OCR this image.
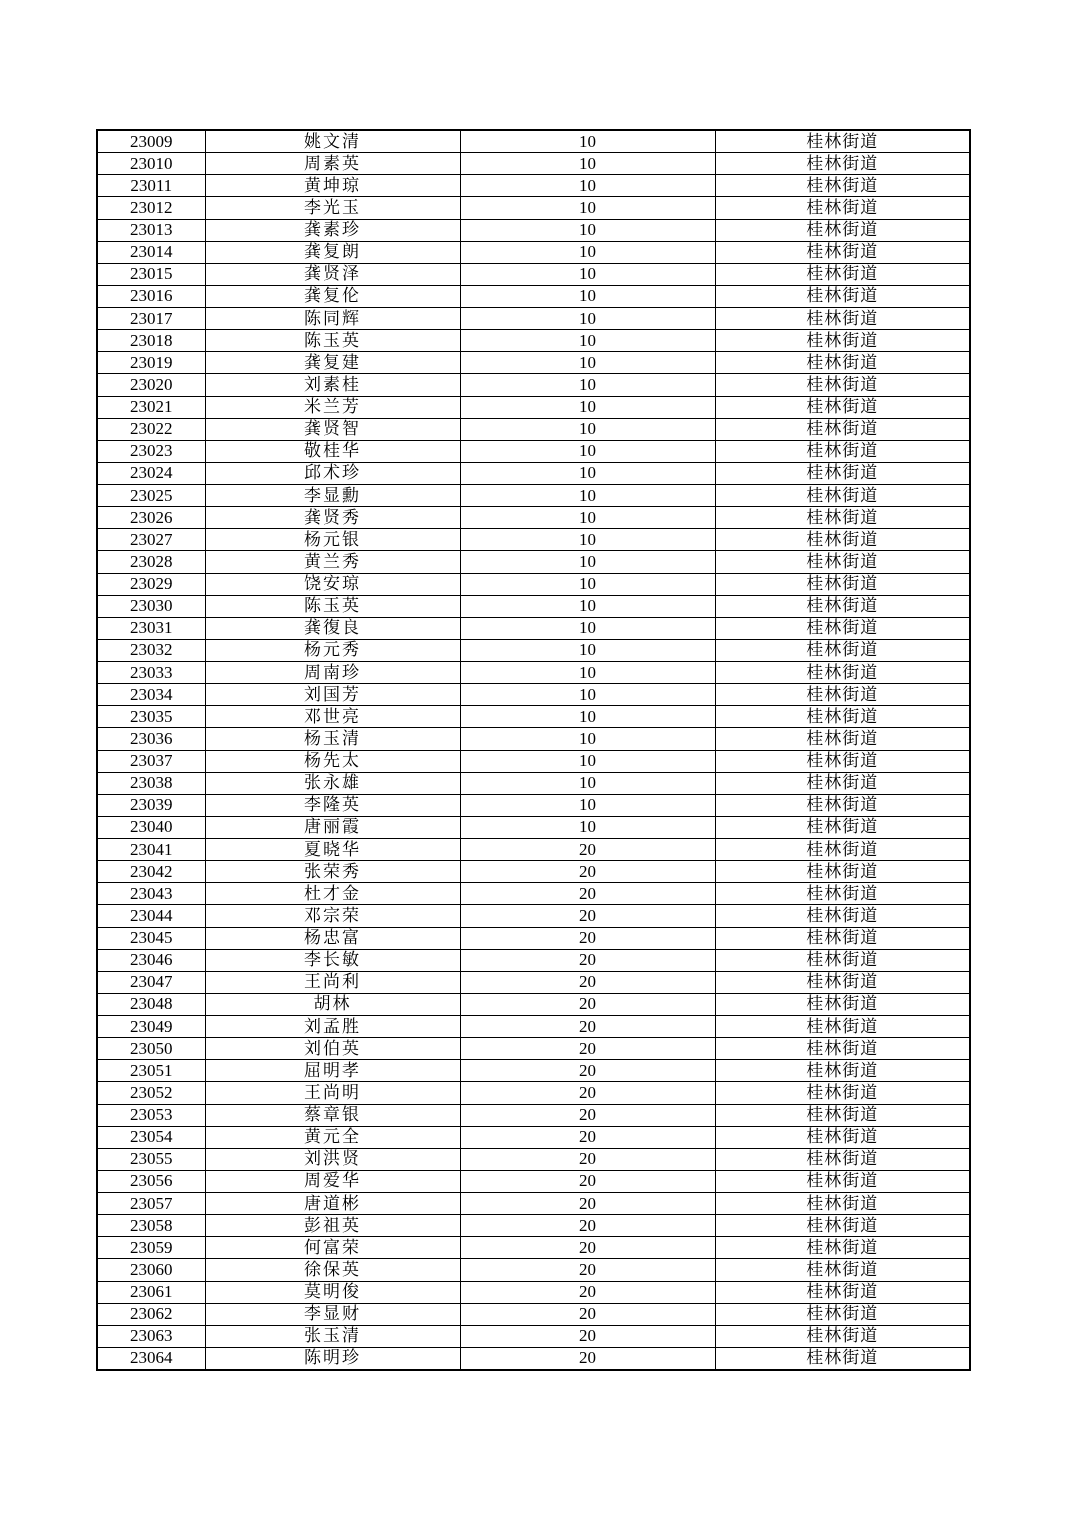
23009	姚文清	10	桂林街道
23010	周素英	10	桂林街道
23011	黄坤琼	10	桂林街道
23012	李光玉	10	桂林街道
23013	龚素珍	10	桂林街道
23014	龚复朗	10	桂林街道
23015	龚贤泽	10	桂林街道
23016	龚复伦	10	桂林街道
23017	陈同辉	10	桂林街道
23018	陈玉英	10	桂林街道
23019	龚复建	10	桂林街道
23020	刘素桂	10	桂林街道
23021	米兰芳	10	桂林街道
23022	龚贤智	10	桂林街道
23023	敬桂华	10	桂林街道
23024	邱术珍	10	桂林街道
23025	李显勳	10	桂林街道
23026	龚贤秀	10	桂林街道
23027	杨元银	10	桂林街道
23028	黄兰秀	10	桂林街道
23029	饶安琼	10	桂林街道
23030	陈玉英	10	桂林街道
23031	龚復良	10	桂林街道
23032	杨元秀	10	桂林街道
23033	周南珍	10	桂林街道
23034	刘国芳	10	桂林街道
23035	邓世亮	10	桂林街道
23036	杨玉清	10	桂林街道
23037	杨先太	10	桂林街道
23038	张永雄	10	桂林街道
23039	李隆英	10	桂林街道
23040	唐丽霞	10	桂林街道
23041	夏晓华	20	桂林街道
23042	张荣秀	20	桂林街道
23043	杜才金	20	桂林街道
23044	邓宗荣	20	桂林街道
23045	杨忠富	20	桂林街道
23046	李长敏	20	桂林街道
23047	王尚利	20	桂林街道
23048	胡林	20	桂林街道
23049	刘孟胜	20	桂林街道
23050	刘伯英	20	桂林街道
23051	屈明孝	20	桂林街道
23052	王尚明	20	桂林街道
23053	蔡章银	20	桂林街道
23054	黄元全	20	桂林街道
23055	刘洪贤	20	桂林街道
23056	周爱华	20	桂林街道
23057	唐道彬	20	桂林街道
23058	彭祖英	20	桂林街道
23059	何富荣	20	桂林街道
23060	徐保英	20	桂林街道
23061	莫明俊	20	桂林街道
23062	李显财	20	桂林街道
23063	张玉清	20	桂林街道
23064	陈明珍	20	桂林街道
